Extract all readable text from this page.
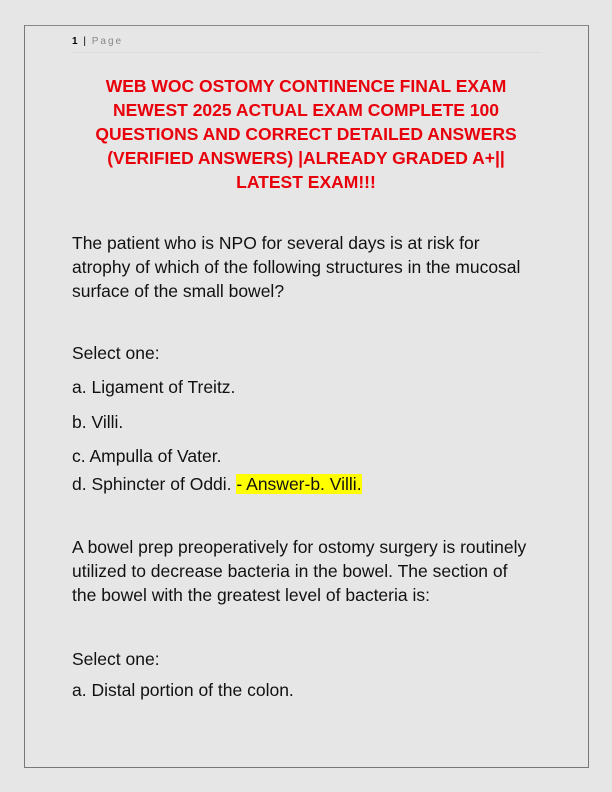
1 | Page
WEB WOC OSTOMY CONTINENCE FINAL EXAM
NEWEST 2025 ACTUAL EXAM COMPLETE 100
QUESTIONS AND CORRECT DETAILED ANSWERS
(VERIFIED ANSWERS) |ALREADY GRADED A+||
LATEST EXAM!!!
The patient who is NPO for several days is at risk for
atrophy of which of the following structures in the mucosal
surface of the small bowel?
Select one:
a. Ligament of Treitz.
b. Villi.
c. Ampulla of Vater.
d. Sphincter of Oddi. - Answer-b. Villi.
A bowel prep preoperatively for ostomy surgery is routinely
utilized to decrease bacteria in the bowel. The section of
the bowel with the greatest level of bacteria is:
Select one:
a. Distal portion of the colon.
